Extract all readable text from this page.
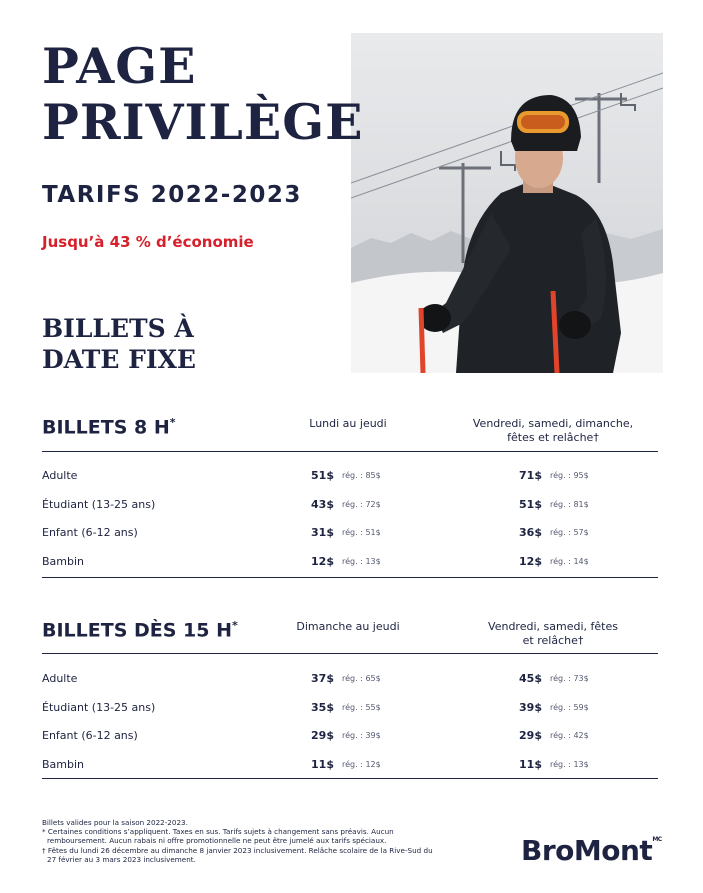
PAGE
PRIVILÈGE
TARIFS 2022-2023
Jusqu’à 43 % d’économie
BILLETS À
DATE FIXE
BILLETS 8 H*	Lundi au jeudi	Vendredi, samedi, dimanche,
fêtes et relâche†
Adulte	51$ rég. : 85$	71$ rég. : 95$
Étudiant (13-25 ans)	43$ rég. : 72$	51$ rég. : 81$
Enfant (6-12 ans)	31$ rég. : 51$	36$ rég. : 57$
Bambin	12$ rég. : 13$	12$ rég. : 14$
BILLETS DÈS 15 H*	Dimanche au jeudi	Vendredi, samedi, fêtes
et relâche†
Adulte	37$ rég. : 65$	45$ rég. : 73$
Étudiant (13-25 ans)	35$ rég. : 55$	39$ rég. : 59$
Enfant (6-12 ans)	29$ rég. : 39$	29$ rég. : 42$
Bambin	11$ rég. : 12$	11$ rég. : 13$
Billets valides pour la saison 2022-2023.
* Certaines conditions s’appliquent. Taxes en sus. Tarifs sujets à changement sans préavis. Aucun
remboursement. Aucun rabais ni offre promotionnelle ne peut être jumelé aux tarifs spéciaux.
† Fêtes du lundi 26 décembre au dimanche 8 janvier 2023 inclusivement. Relâche scolaire de la Rive-Sud du
27 février au 3 mars 2023 inclusivement.	BroMont$^{MC}$
